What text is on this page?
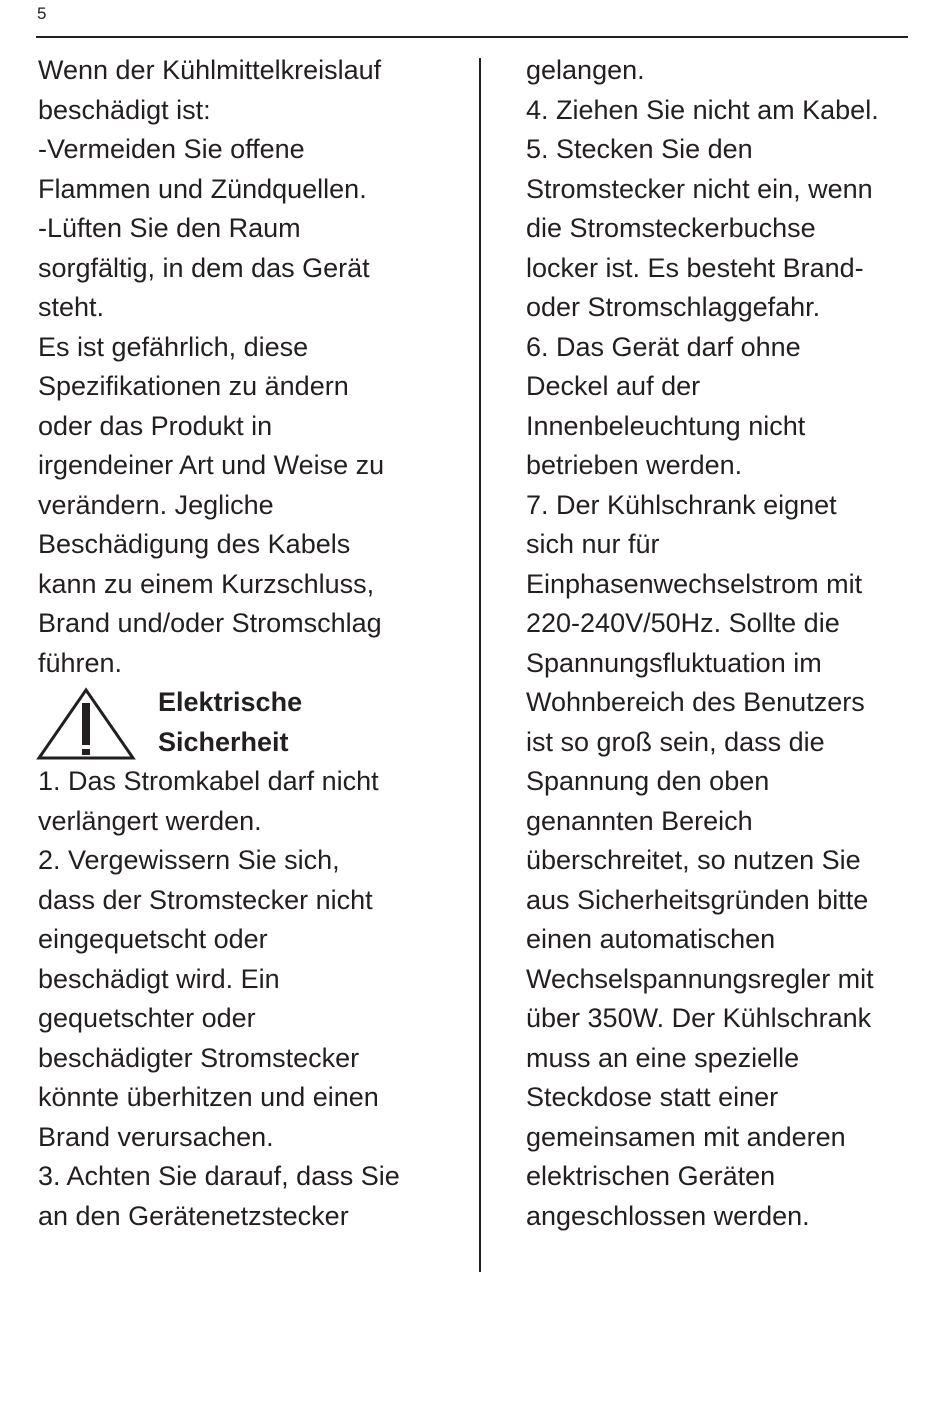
5
Wenn der Kühlmittelkreislauf
beschädigt ist:
-Vermeiden Sie offene
Flammen und Zündquellen.
-Lüften Sie den Raum
sorgfältig, in dem das Gerät
steht.
Es ist gefährlich, diese
Spezifikationen zu ändern
oder das Produkt in
irgendeiner Art und Weise zu
verändern. Jegliche
Beschädigung des Kabels
kann zu einem Kurzschluss,
Brand und/oder Stromschlag
führen.
Elektrische
Sicherheit
1. Das Stromkabel darf nicht
verlängert werden.
2. Vergewissern Sie sich,
dass der Stromstecker nicht
eingequetscht oder
beschädigt wird. Ein
gequetschter oder
beschädigter Stromstecker
könnte überhitzen und einen
Brand verursachen.
3. Achten Sie darauf, dass Sie
an den Gerätenetzstecker
gelangen.
4. Ziehen Sie nicht am Kabel.
5. Stecken Sie den
Stromstecker nicht ein, wenn
die Stromsteckerbuchse
locker ist. Es besteht Brand-
oder Stromschlaggefahr.
6. Das Gerät darf ohne
Deckel auf der
Innenbeleuchtung nicht
betrieben werden.
7. Der Kühlschrank eignet
sich nur für
Einphasenwechselstrom mit
220-240V/50Hz. Sollte die
Spannungsfluktuation im
Wohnbereich des Benutzers
ist so groß sein, dass die
Spannung den oben
genannten Bereich
überschreitet, so nutzen Sie
aus Sicherheitsgründen bitte
einen automatischen
Wechselspannungsregler mit
über 350W. Der Kühlschrank
muss an eine spezielle
Steckdose statt einer
gemeinsamen mit anderen
elektrischen Geräten
angeschlossen werden.
